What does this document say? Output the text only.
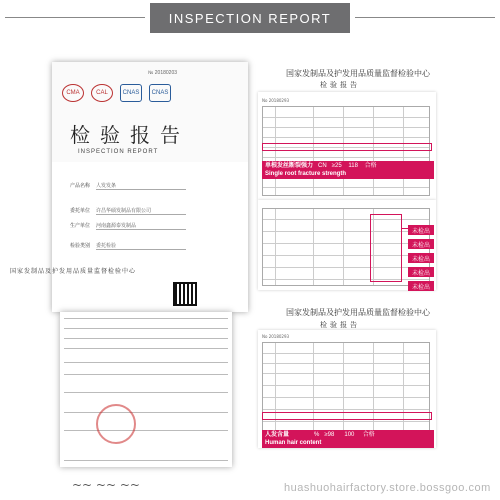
INSPECTION REPORT
№ 20180203
CMA	CAL	CNAS	CNAS
检验报告
INSPECTION REPORT
产品名称 人发发条
委托单位 许昌华硕发制品有限公司
生产单位 河南鑫源泰发制品
检验类别 委托检验
国家发制品及护发用品质量监督检验中心
~~ ~~ ~~
No 20180293
国家发制品及护发用品质量监督检验中心
检验报告
单根发丝断裂强力 CN ≥25 118 合格
Single root fracture strength
未检出
未检出
未检出
未检出
未检出
No 20180293
国家发制品及护发用品质量监督检验中心
检验报告
人发含量	% ≥98 100 合格
Human hair content
huashuohairfactory.store.bossgoo.com
